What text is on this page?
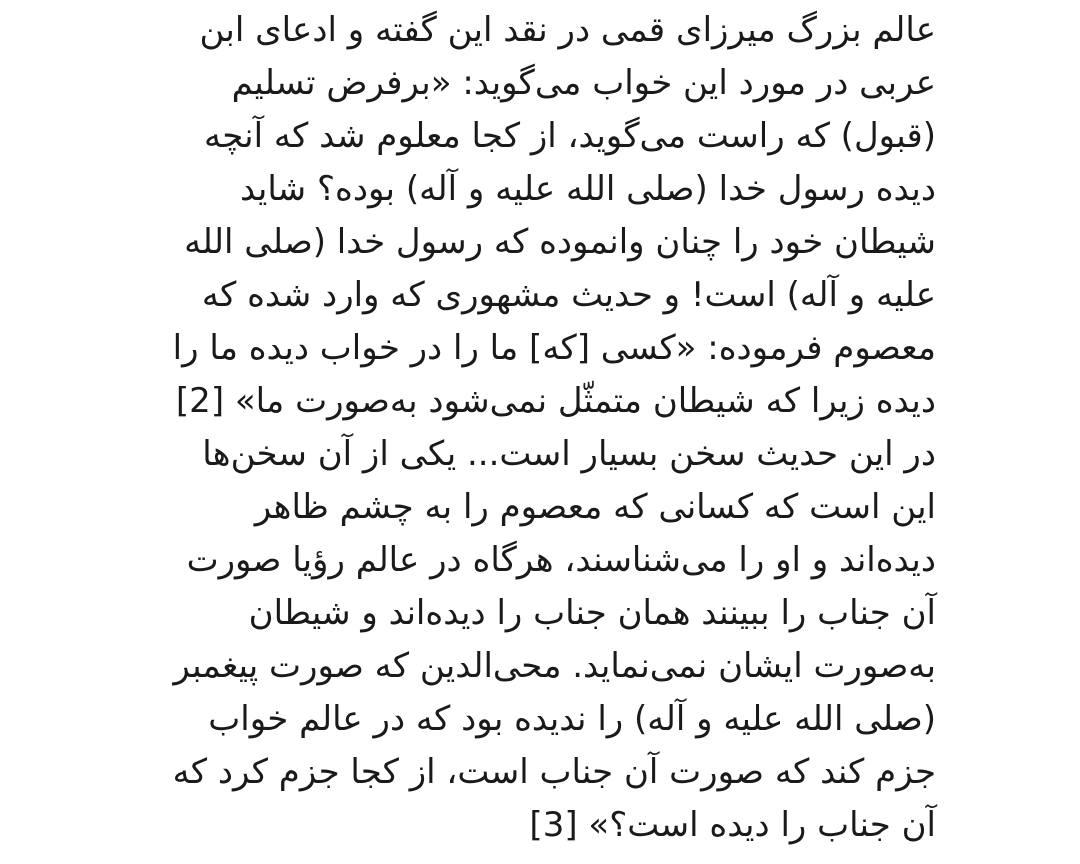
عالم بزرگ میرزای قمی در نقد این گفته و ادعای ابن
عربی در مورد این خواب می‌گوید: «برفرض تسلیم
(قبول) که راست می‌گوید، از کجا معلوم شد که آنچه
دیده رسول خدا (صلی الله علیه و آله) بوده؟ شاید
شیطان خود را چنان وانموده که رسول خدا (صلی الله
علیه و آله) است! و حدیث مشهوری که وارد شده که
معصوم فرموده: «کسی [که] ما را در خواب دیده ما را
دیده زیرا که شیطان متمثّل نمی‌شود به‌صورت ما» [2]
در این حدیث سخن بسیار است... یکی از آن سخن‌ها
این است که کسانی که معصوم را به چشم ظاهر
دیده‌اند و او را می‌شناسند، هرگاه در عالم رؤیا صورت
آن جناب را ببینند همان جناب را دیده‌اند و شیطان
به‌صورت ایشان نمی‌نماید. محی‌الدین که صورت پیغمبر
(صلی الله علیه و آله) را ندیده بود که در عالم خواب
جزم کند که صورت آن جناب است، از کجا جزم کرد که
آن جناب را دیده است؟» [3]
